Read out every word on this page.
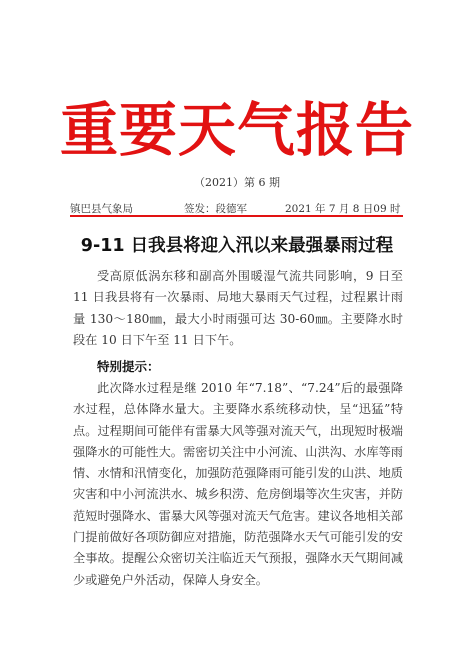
重要天气报告
（2021）第 6 期
镇巴县气象局	签发：段德军	2021 年 7 月 8 日09 时
9-11 日我县将迎入汛以来最强暴雨过程
受高原低涡东移和副高外围暖湿气流共同影响，9 日至 11 日我县将有一次暴雨、局地大暴雨天气过程，过程累计雨量 130～180㎜，最大小时雨强可达 30-60㎜。主要降水时段在 10 日下午至 11 日下午。
特别提示：
此次降水过程是继 2010 年“7.18”、“7.24”后的最强降水过程，总体降水量大。主要降水系统移动快，呈“迅猛”特点。过程期间可能伴有雷暴大风等强对流天气，出现短时极端强降水的可能性大。需密切关注中小河流、山洪沟、水库等雨情、水情和汛情变化，加强防范强降雨可能引发的山洪、地质灾害和中小河流洪水、城乡积涝、危房倒塌等次生灾害，并防范短时强降水、雷暴大风等强对流天气危害。建议各地相关部门提前做好各项防御应对措施，防范强降水天气可能引发的安全事故。提醒公众密切关注临近天气预报，强降水天气期间减少或避免户外活动，保障人身安全。
